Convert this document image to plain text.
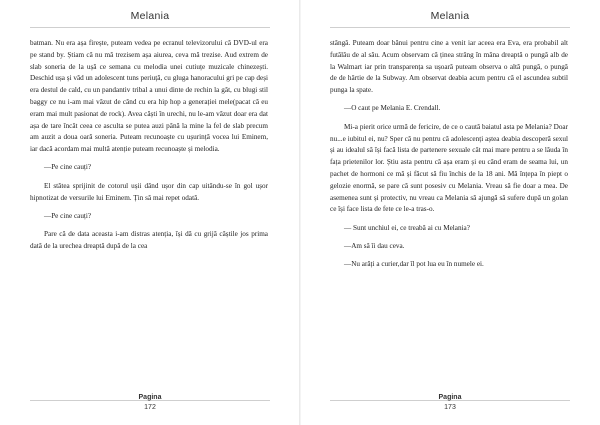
Melania

batman. Nu era așa firește, puteam vedea pe ecranul televizorului că DVD-ul era pe stand by. Știam că nu mă trezisem așa aiurea, ceva mă trezise. Aud extrem de slab soneria de la ușă ce semana cu melodia unei cutiuțe muzicale chinezești. Deschid ușa și văd un adolescent tuns periuță, cu gluga hanoracului gri pe cap deși era destul de cald, cu un pandantiv tribal a unui dinte de rechin la gât, cu blugi stil baggy ce nu i-am mai văzut de când cu era hip hop a generației mele(pacat că eu eram mai mult pasionat de rock). Avea căști în urechi, nu le-am văzut doar era dat așa de tare încât ceea ce asculta se putea auzi până la mine la fel de slab precum am auzit a doua oară soneria. Puteam recunoaște cu ușurință vocea lui Eminem, iar dacă acordam mai multă atenție puteam recunoaște și melodia.

—Pe cine cauți?

El stătea sprijinit de cotorul ușii dând ușor din cap uitându-se în gol ușor hipnotizat de versurile lui Eminem. Țin să mai repet odată.

—Pe cine cauți?

Pare că de data aceasta i-am distras atenția, își dă cu grijă căștile jos prima dată de la urechea dreaptă după de la cea

Pagina
172
Melania

stângă. Puteam doar bănui pentru cine a venit iar aceea era Eva, era probabil alt futălău de al său. Acum observam că ținea strâng în mâna dreaptă o pungă alb de la Walmart iar prin transparența sa ușoară puteam observa o altă pungă, o pungă de de hârtie de la Subway. Am observat deabia acum pentru că el ascundea subtil punga la spate.

—O caut pe Melania E. Crendall.

Mi-a pierit orice urmă de fericire, de ce o caută baiatul asta pe Melania? Doar nu...e iubitul ei, nu? Sper că nu pentru că adolescenți aștea deabia descoperă sexul și au idealul să își facă lista de partenere sexuale cât mai mare pentru a se lăuda în fața prietenilor lor. Știu asta pentru că așa eram și eu când eram de seama lui, un pachet de hormoni ce mă și făcut să fiu închis de la 18 ani. Mă înțepa în piept o gelozie enormă, se pare că sunt posesiv cu Melania. Vreau să fie doar a mea. De asemenea sunt și protectiv, nu vreau ca Melania să ajungă să sufere după un golan ce își face lista de fete ce le-a tras-o.

— Sunt unchiul ei, ce treabă ai cu Melania?

—Am să îi dau ceva.

—Nu arăți a curier,dar îl pot lua eu în numele ei.

Pagina
173
